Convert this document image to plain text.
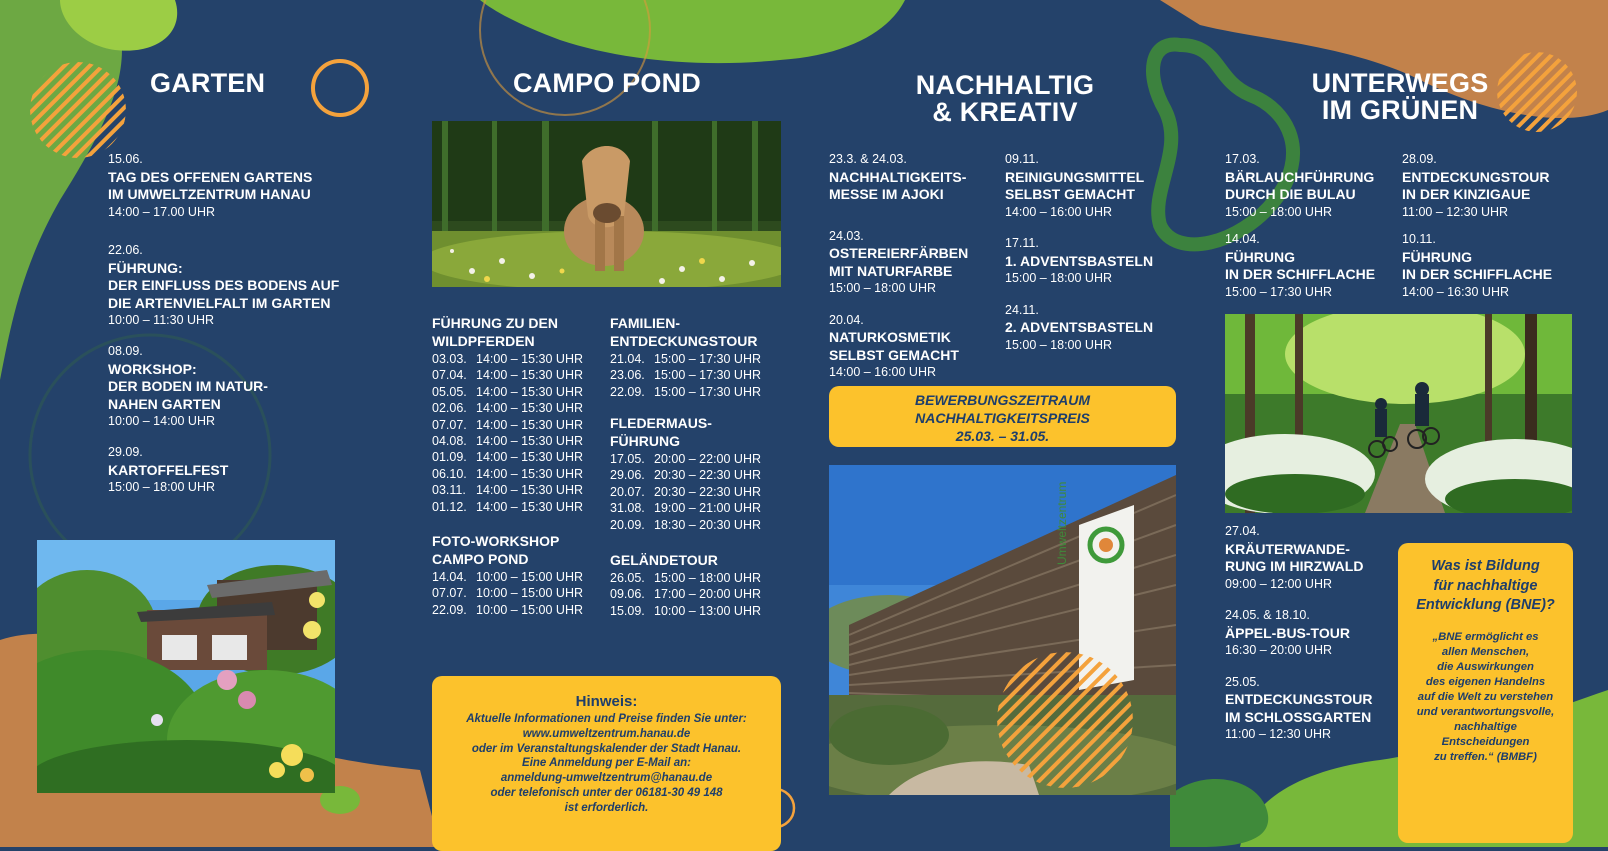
GARTEN
15.06.
TAG DES OFFENEN GARTENS
IM UMWELTZENTRUM HANAU
14:00 – 17.00 UHR
22.06.
FÜHRUNG:
DER EINFLUSS DES BODENS AUF
DIE ARTENVIELFALT IM GARTEN
10:00 – 11:30 UHR
08.09.
WORKSHOP:
DER BODEN IM NATUR-
NAHEN GARTEN
10:00 – 14:00 UHR
29.09.
KARTOFFELFEST
15:00 – 18:00 UHR
CAMPO POND
FÜHRUNG ZU DEN
WILDPFERDEN
03.03. 14:00 – 15:30 UHR
07.04. 14:00 – 15:30 UHR
05.05. 14:00 – 15:30 UHR
02.06. 14:00 – 15:30 UHR
07.07. 14:00 – 15:30 UHR
04.08. 14:00 – 15:30 UHR
01.09. 14:00 – 15:30 UHR
06.10. 14:00 – 15:30 UHR
03.11. 14:00 – 15:30 UHR
01.12. 14:00 – 15:30 UHR
FOTO-WORKSHOP
CAMPO POND
14.04. 10:00 – 15:00 UHR
07.07. 10:00 – 15:00 UHR
22.09. 10:00 – 15:00 UHR
FAMILIEN-
ENTDECKUNGSTOUR
21.04. 15:00 – 17:30 UHR
23.06. 15:00 – 17:30 UHR
22.09. 15:00 – 17:30 UHR
FLEDERMAUS-
FÜHRUNG
17.05. 20:00 – 22:00 UHR
29.06. 20:30 – 22:30 UHR
20.07. 20:30 – 22:30 UHR
31.08. 19:00 – 21:00 UHR
20.09. 18:30 – 20:30 UHR
GELÄNDETOUR
26.05. 15:00 – 18:00 UHR
09.06. 17:00 – 20:00 UHR
15.09. 10:00 – 13:00 UHR
Hinweis:
Aktuelle Informationen und Preise finden Sie unter:
www.umweltzentrum.hanau.de
oder im Veranstaltungskalender der Stadt Hanau.
Eine Anmeldung per E-Mail an:
anmeldung-umweltzentrum@hanau.de
oder telefonisch unter der 06181-30 49 148
ist erforderlich.
NACHHALTIG
& KREATIV
23.3. & 24.03.
NACHHALTIGKEITS-
MESSE IM AJOKI
24.03.
OSTEREIERFÄRBEN
MIT NATURFARBE
15:00 – 18:00 UHR
20.04.
NATURKOSMETIK
SELBST GEMACHT
14:00 – 16:00 UHR
09.11.
REINIGUNGSMITTEL
SELBST GEMACHT
14:00 – 16:00 UHR
17.11.
1. ADVENTSBASTELN
15:00 – 18:00 UHR
24.11.
2. ADVENTSBASTELN
15:00 – 18:00 UHR
BEWERBUNGSZEITRAUM
NACHHALTIGKEITSPREIS
25.03. – 31.05.
Umweltzentrum
UNTERWEGS
IM GRÜNEN
17.03.
BÄRLAUCHFÜHRUNG
DURCH DIE BULAU
15:00 – 18:00 UHR
14.04.
FÜHRUNG
IN DER SCHIFFLACHE
15:00 – 17:30 UHR
28.09.
ENTDECKUNGSTOUR
IN DER KINZIGAUE
11:00 – 12:30 UHR
10.11.
FÜHRUNG
IN DER SCHIFFLACHE
14:00 – 16:30 UHR
27.04.
KRÄUTERWANDE-
RUNG IM HIRZWALD
09:00 – 12:00 UHR
24.05. & 18.10.
ÄPPEL-BUS-TOUR
16:30 – 20:00 UHR
25.05.
ENTDECKUNGSTOUR
IM SCHLOSSGARTEN
11:00 – 12:30 UHR
Was ist Bildung
für nachhaltige
Entwicklung (BNE)?
„BNE ermöglicht es
allen Menschen,
die Auswirkungen
des eigenen Handelns
auf die Welt zu verstehen
und verantwortungsvolle,
nachhaltige
Entscheidungen
zu treffen.“ (BMBF)
